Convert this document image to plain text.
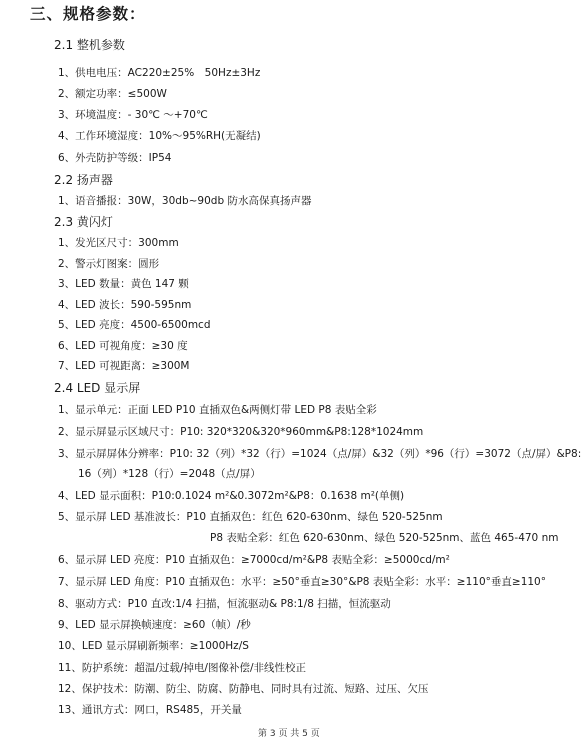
三、规格参数：
2.1 整机参数
1、供电电压：AC220±25%　50Hz±3Hz
2、额定功率：≤500W
3、环境温度：- 30℃ ～+70℃
4、工作环境湿度：10%～95%RH(无凝结)
6、外壳防护等级：IP54
2.2 扬声器
1、语音播报：30W，30db~90db 防水高保真扬声器
2.3 黄闪灯
1、发光区尺寸：300mm
2、警示灯图案：圆形
3、LED 数量：黄色 147 颗
4、LED 波长：590-595nm
5、LED 亮度：4500-6500mcd
6、LED 可视角度：≥30 度
7、LED 可视距离：≥300M
2.4 LED 显示屏
1、显示单元：正面 LED P10 直插双色&两侧灯带 LED P8 表贴全彩
2、显示屏显示区域尺寸：P10: 320*320&320*960mm&P8:128*1024mm
3、显示屏屏体分辨率：P10: 32（列）*32（行）=1024（点/屏）&32（列）*96（行）=3072（点/屏）&P8:
16（列）*128（行）=2048（点/屏）
4、LED 显示面积：P10:0.1024 m²&0.3072m²&P8：0.1638 m²(单侧)
5、显示屏 LED 基准波长：P10 直插双色：红色 620-630nm、绿色 520-525nm
P8 表贴全彩：红色 620-630nm、绿色 520-525nm、蓝色 465-470 nm
6、显示屏 LED 亮度：P10 直插双色：≥7000cd/m²&P8 表贴全彩：≥5000cd/m²
7、显示屏 LED 角度：P10 直插双色：水平：≥50°垂直≥30°&P8 表贴全彩：水平：≥110°垂直≥110°
8、驱动方式：P10 直改:1/4 扫描，恒流驱动& P8:1/8 扫描，恒流驱动
9、LED 显示屏换帧速度：≥60（帧）/秒
10、LED 显示屏刷新频率：≥1000Hz/S
11、防护系统：超温/过载/掉电/图像补偿/非线性校正
12、保护技术：防潮、防尘、防腐、防静电、同时具有过流、短路、过压、欠压
13、通讯方式：网口，RS485，开关量
第 3 页 共 5 页
